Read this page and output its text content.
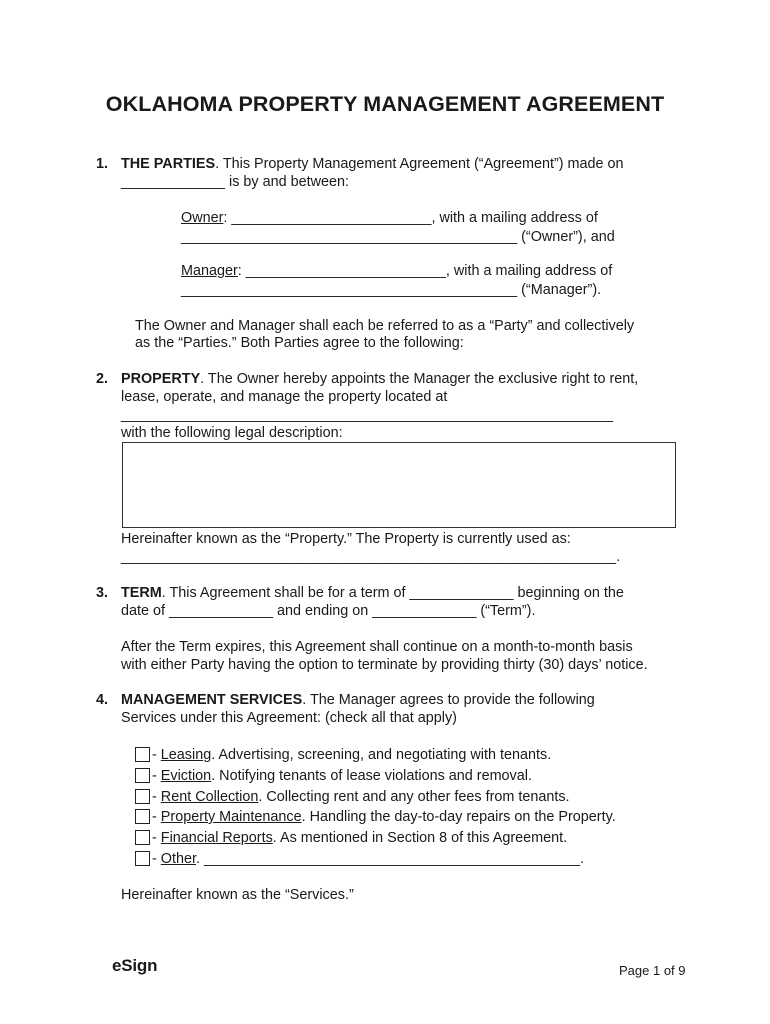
OKLAHOMA PROPERTY MANAGEMENT AGREEMENT
1. THE PARTIES. This Property Management Agreement (“Agreement”) made on
_____________ is by and between:
Owner: _________________________, with a mailing address of
__________________________________________ (“Owner”), and
Manager: _________________________, with a mailing address of
__________________________________________ (“Manager”).
The Owner and Manager shall each be referred to as a “Party” and collectively
as the “Parties.” Both Parties agree to the following:
2. PROPERTY. The Owner hereby appoints the Manager the exclusive right to rent,
lease, operate, and manage the property located at
____________________________________________________________
with the following legal description:
Hereinafter known as the “Property.” The Property is currently used as:
____________________________________________________________.
3. TERM. This Agreement shall be for a term of _____________ beginning on the
date of _____________ and ending on _____________ (“Term”).
After the Term expires, this Agreement shall continue on a month-to-month basis
with either Party having the option to terminate by providing thirty (30) days’ notice.
4. MANAGEMENT SERVICES. The Manager agrees to provide the following
Services under this Agreement: (check all that apply)
- Leasing. Advertising, screening, and negotiating with tenants.
- Eviction. Notifying tenants of lease violations and removal.
- Rent Collection. Collecting rent and any other fees from tenants.
- Property Maintenance. Handling the day-to-day repairs on the Property.
- Financial Reports. As mentioned in Section 8 of this Agreement.
- Other. _______________________________________________.
Hereinafter known as the “Services.”
eSign	Page 1 of 9
